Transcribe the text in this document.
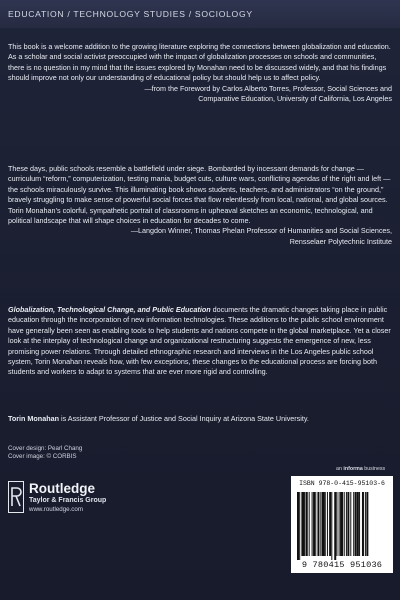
EDUCATION / TECHNOLOGY STUDIES / SOCIOLOGY

This book is a welcome addition to the growing literature exploring the connections between globalization and education. As a scholar and social activist preoccupied with the impact of globalization processes on schools and communities, there is no question in my mind that the issues explored by Monahan need to be discussed widely, and that his findings should improve not only our understanding of educational policy but should help us to affect policy.

—from the Foreword by Carlos Alberto Torres, Professor, Social Sciences and
Comparative Education, University of California, Los Angeles

These days, public schools resemble a battlefield under siege. Bombarded by incessant demands for change — curriculum “reform,” computerization, testing mania, budget cuts, culture wars, conflicting agendas of the right and left — the schools miraculously survive. This illuminating book shows students, teachers, and administrators “on the ground,” bravely struggling to make sense of powerful social forces that flow relentlessly from local, national, and global sources. Torin Monahan’s colorful, sympathetic portrait of classrooms in upheaval sketches an economic, technological, and political landscape that will shape choices in education for decades to come.

—Langdon Winner, Thomas Phelan Professor of Humanities and Social Sciences,
Rensselaer Polytechnic Institute

Globalization, Technological Change, and Public Education documents the dramatic changes taking place in public education through the incorporation of new information technologies. These additions to the public school environment have generally been seen as enabling tools to help students and nations compete in the global marketplace. Yet a closer look at the interplay of technological change and organizational restructuring suggests the emergence of new, less promising power relations. Through detailed ethnographic research and interviews in the Los Angeles public school system, Torin Monahan reveals how, with few exceptions, these changes to the educational process are forcing both students and workers to adapt to systems that are ever more rigid and controlling.

Torin Monahan is Assistant Professor of Justice and Social Inquiry at Arizona State University.

Cover design: Pearl Chang
Cover image: © CORBIS
Routledge
Taylor & Francis Group
www.routledge.com
an informa business
ISBN 978-0-415-95103-6
9 780415 951036
